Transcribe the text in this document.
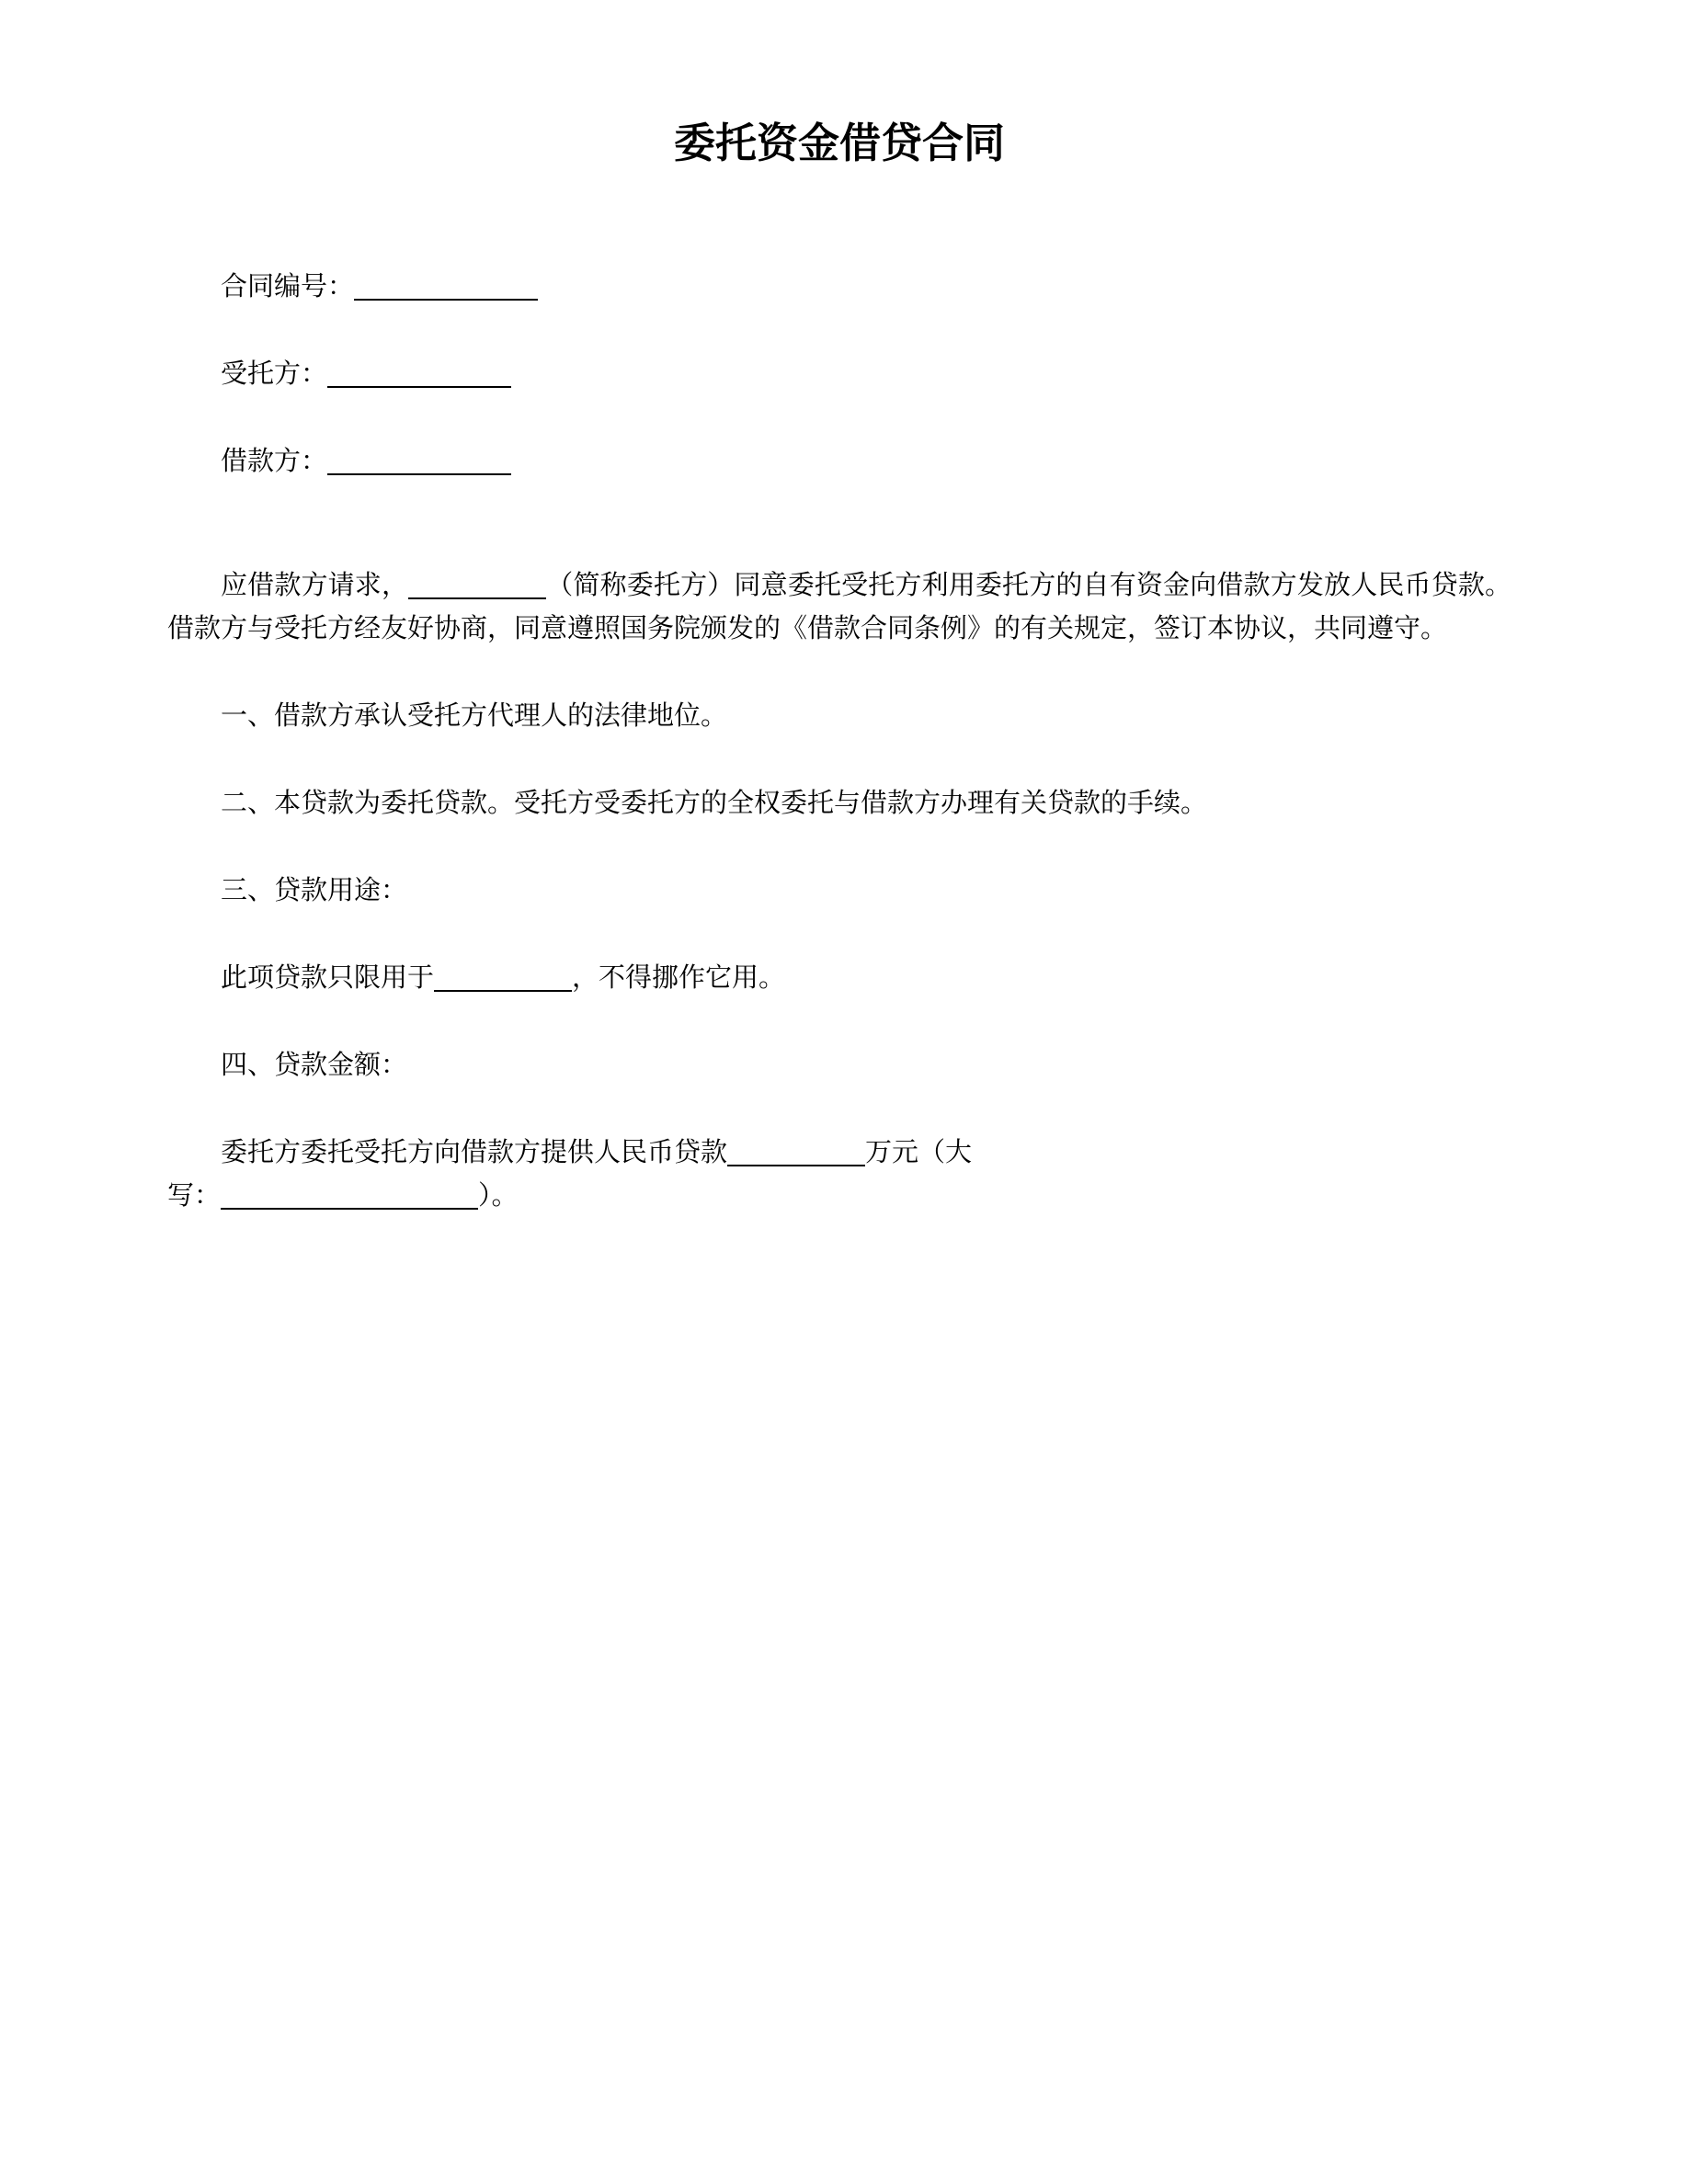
委托资金借贷合同

合同编号：

受托方：

借款方：

应借款方请求，	（简称委托方）同意委托受托方利用委托方的自有资金向借款方发放人民币贷款。借款方与受托方经友好协商，同意遵照国务院颁发的《借款合同条例》的有关规定，签订本协议，共同遵守。

一、借款方承认受托方代理人的法律地位。

二、本贷款为委托贷款。受托方受委托方的全权委托与借款方办理有关贷款的手续。

三、贷款用途：

此项贷款只限用于	，不得挪作它用。

四、贷款金额：

委托方委托受托方向借款方提供人民币贷款	万元（大
写：	）。
